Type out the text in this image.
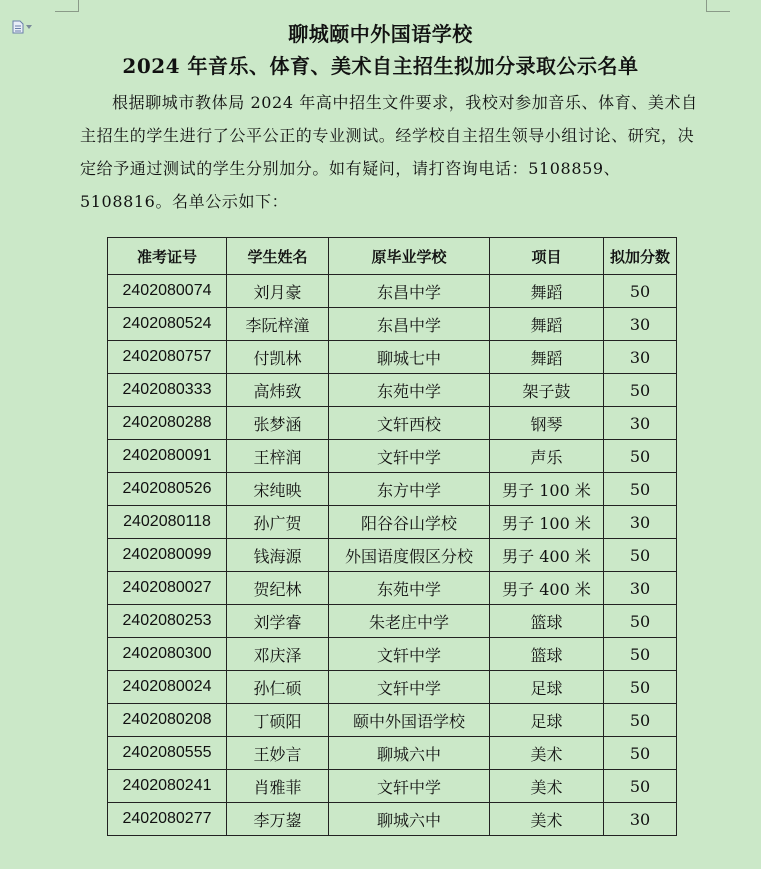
聊城颐中外国语学校
2024 年音乐、体育、美术自主招生拟加分录取公示名单

根据聊城市教体局 2024 年高中招生文件要求，我校对参加音乐、体育、美术自主招生的学生进行了公平公正的专业测试。经学校自主招生领导小组讨论、研究，决定给予通过测试的学生分别加分。如有疑问，请打咨询电话：5108859、5108816。名单公示如下：

准考证号	学生姓名	原毕业学校	项目	拟加分数
2402080074	刘月豪	东昌中学	舞蹈	50
2402080524	李阮梓潼	东昌中学	舞蹈	30
2402080757	付凯林	聊城七中	舞蹈	30
2402080333	高炜致	东苑中学	架子鼓	50
2402080288	张梦涵	文轩西校	钢琴	30
2402080091	王梓润	文轩中学	声乐	50
2402080526	宋纯映	东方中学	男子 100 米	50
2402080118	孙广贺	阳谷谷山学校	男子 100 米	30
2402080099	钱海源	外国语度假区分校	男子 400 米	50
2402080027	贺纪林	东苑中学	男子 400 米	30
2402080253	刘学睿	朱老庄中学	篮球	50
2402080300	邓庆泽	文轩中学	篮球	50
2402080024	孙仁硕	文轩中学	足球	50
2402080208	丁硕阳	颐中外国语学校	足球	50
2402080555	王妙言	聊城六中	美术	50
2402080241	肖雅菲	文轩中学	美术	50
2402080277	李万鋆	聊城六中	美术	30
